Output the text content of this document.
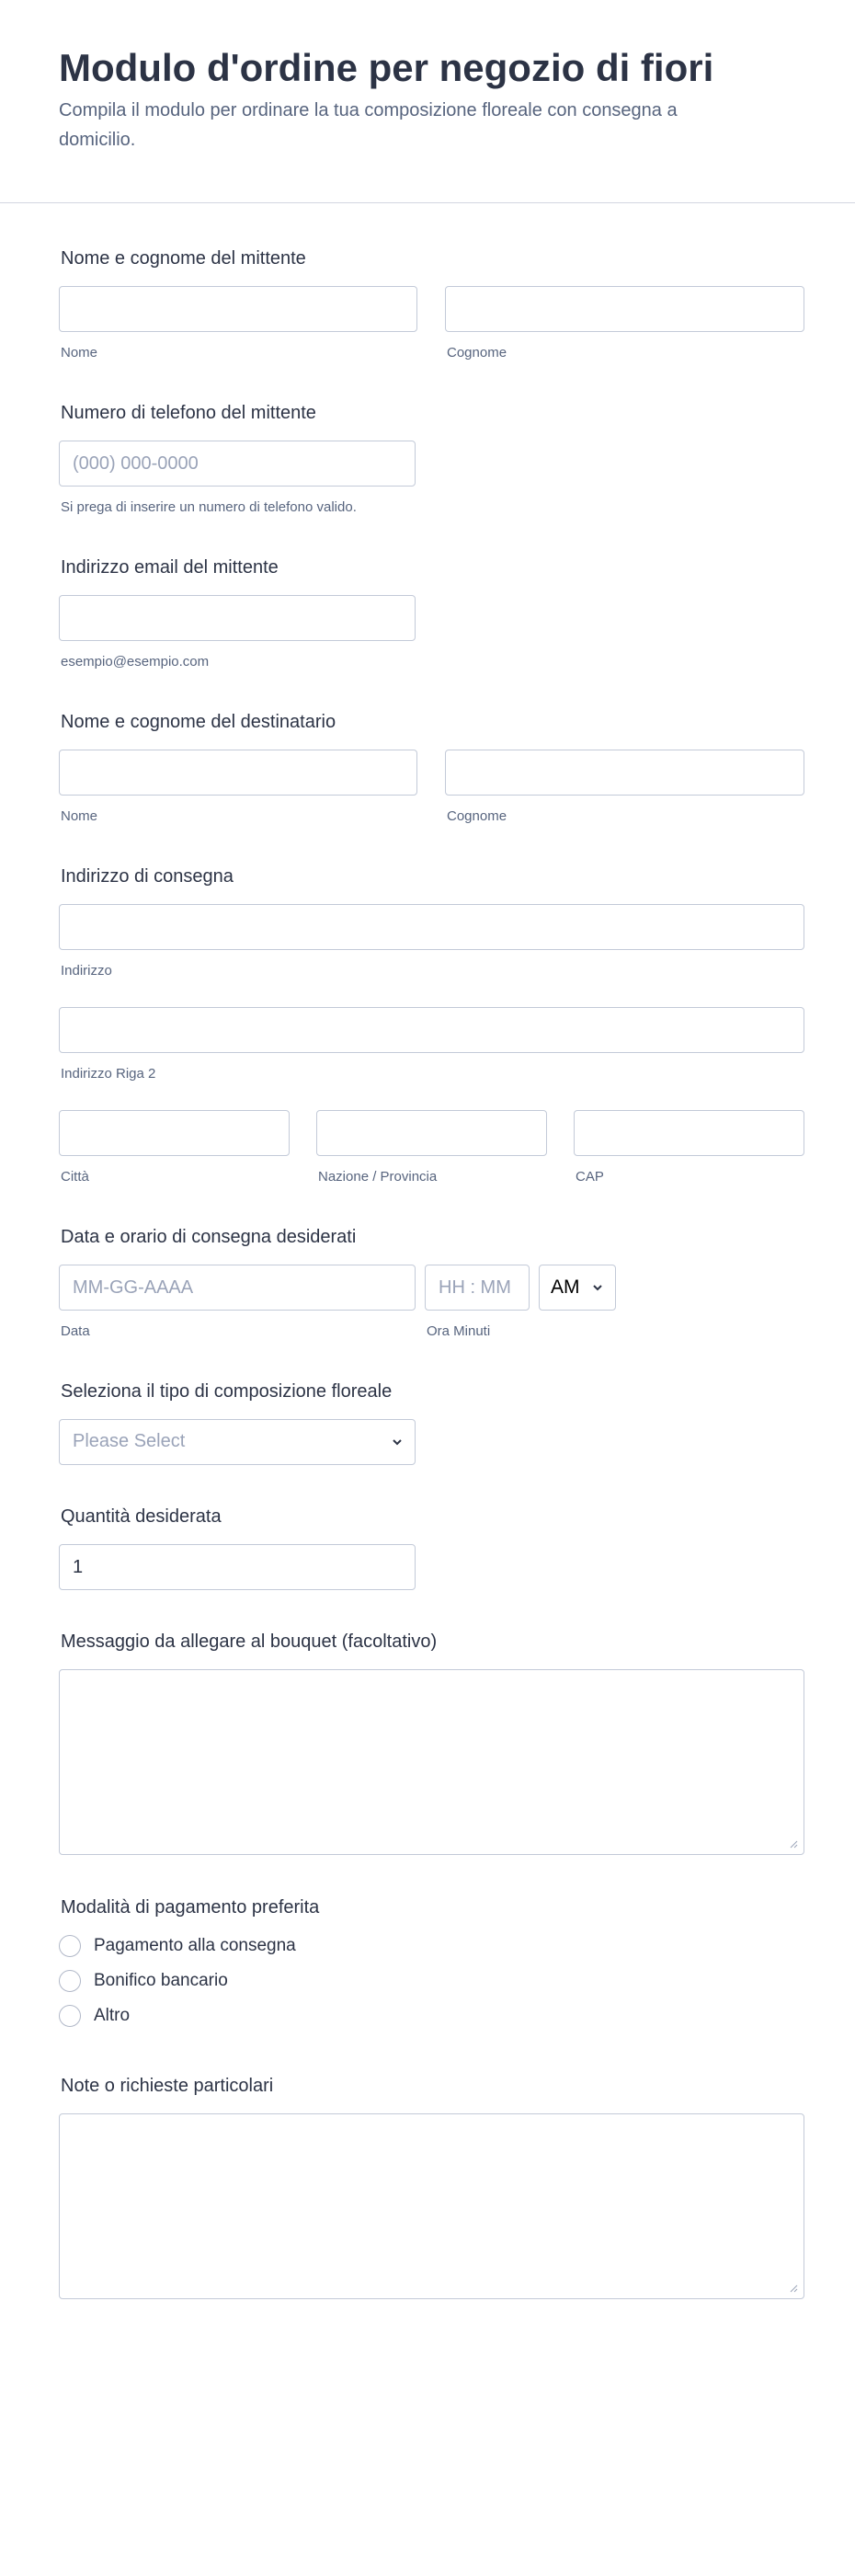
Modulo d'ordine per negozio di fiori
Compila il modulo per ordinare la tua composizione floreale con consegna a domicilio.
Nome e cognome del mittente
Nome	Cognome
Numero di telefono del mittente
(000) 000-0000
Si prega di inserire un numero di telefono valido.
Indirizzo email del mittente
esempio@esempio.com
Nome e cognome del destinatario
Nome	Cognome
Indirizzo di consegna
Indirizzo
Indirizzo Riga 2
Città	Nazione / Provincia	CAP
Data e orario di consegna desiderati
MM-GG-AAAA
HH : MM
AM
Data	Ora Minuti
Seleziona il tipo di composizione floreale
Please Select
Quantità desiderata
1
Messaggio da allegare al bouquet (facoltativo)
Modalità di pagamento preferita
Pagamento alla consegna
Bonifico bancario
Altro
Note o richieste particolari
